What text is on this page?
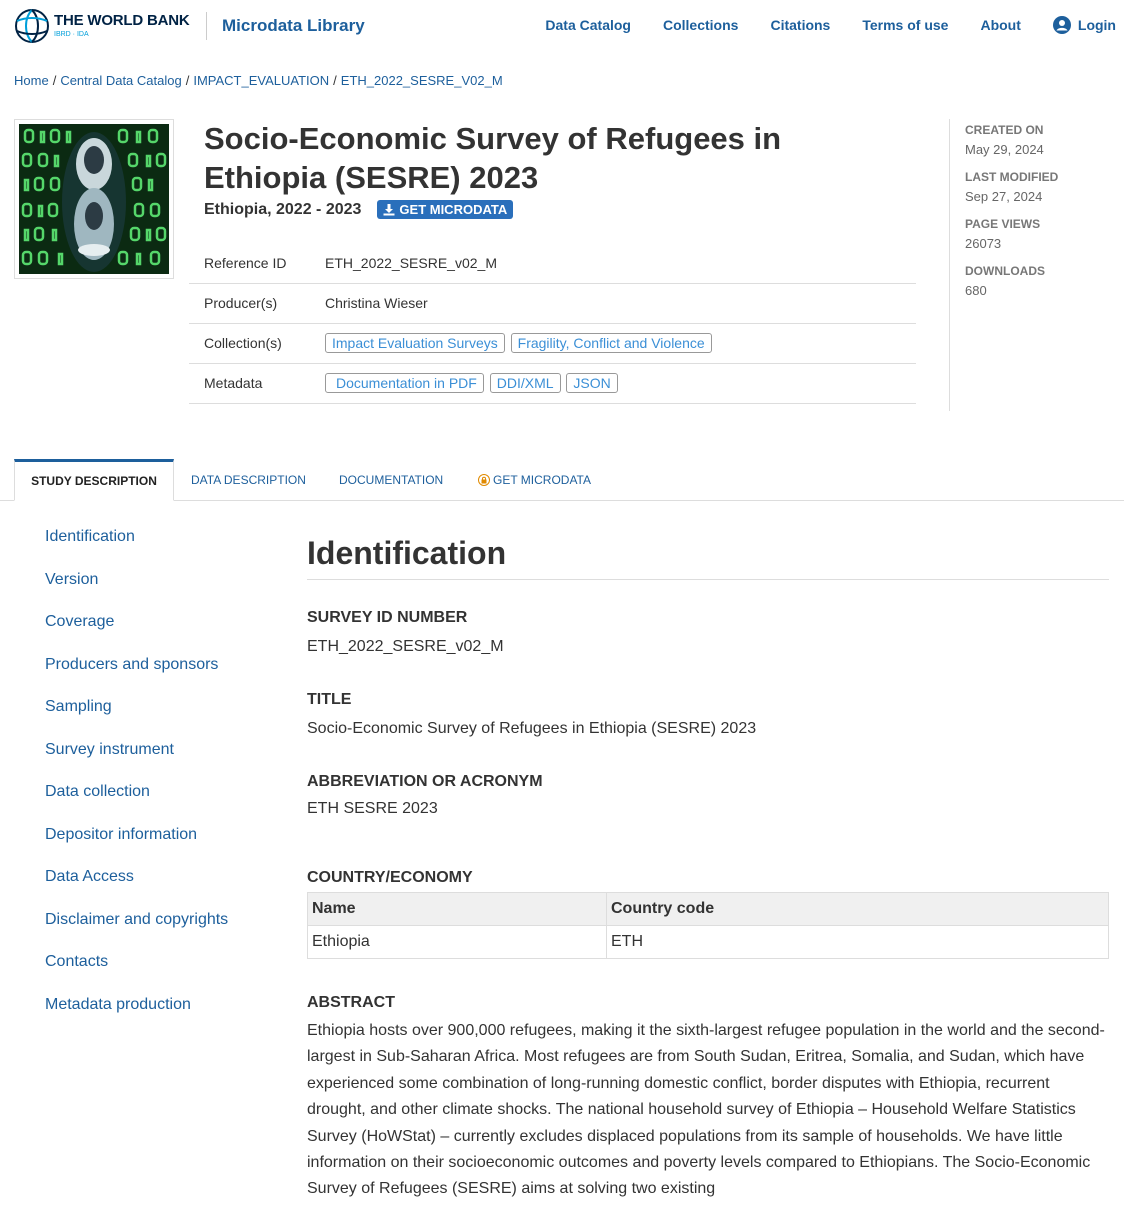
THE WORLD BANK
IBRD · IDA	Microdata Library	Data Catalog Collections Citations Terms of use About	Login
Home / Central Data Catalog / IMPACT_EVALUATION / ETH_2022_SESRE_V02_M
Socio-Economic Survey of Refugees in Ethiopia (SESRE) 2023
Ethiopia, 2022 - 2023	GET MICRODATA
Reference ID	ETH_2022_SESRE_v02_M
Producer(s)	Christina Wieser
Collection(s)	Impact Evaluation Surveys Fragility, Conflict and Violence
Metadata	Documentation in PDF DDI/XML JSON
CREATED ON
May 29, 2024
LAST MODIFIED
Sep 27, 2024
PAGE VIEWS
26073
DOWNLOADS
680
STUDY DESCRIPTION	DATA DESCRIPTION	DOCUMENTATION	GET MICRODATA
Identification
Version
Coverage
Producers and sponsors
Sampling
Survey instrument
Data collection
Depositor information
Data Access
Disclaimer and copyrights
Contacts
Metadata production
Identification
SURVEY ID NUMBER
ETH_2022_SESRE_v02_M
TITLE
Socio-Economic Survey of Refugees in Ethiopia (SESRE) 2023
ABBREVIATION OR ACRONYM
ETH SESRE 2023
COUNTRY/ECONOMY
Name	Country code
Ethiopia	ETH
ABSTRACT
Ethiopia hosts over 900,000 refugees, making it the sixth-largest refugee population in the world and the second-largest in Sub-Saharan Africa. Most refugees are from South Sudan, Eritrea, Somalia, and Sudan, which have experienced some combination of long-running domestic conflict, border disputes with Ethiopia, recurrent drought, and other climate shocks. The national household survey of Ethiopia – Household Welfare Statistics Survey (HoWStat) – currently excludes displaced populations from its sample of households. We have little information on their socioeconomic outcomes and poverty levels compared to Ethiopians. The Socio-Economic Survey of Refugees (SESRE) aims at solving two existing
